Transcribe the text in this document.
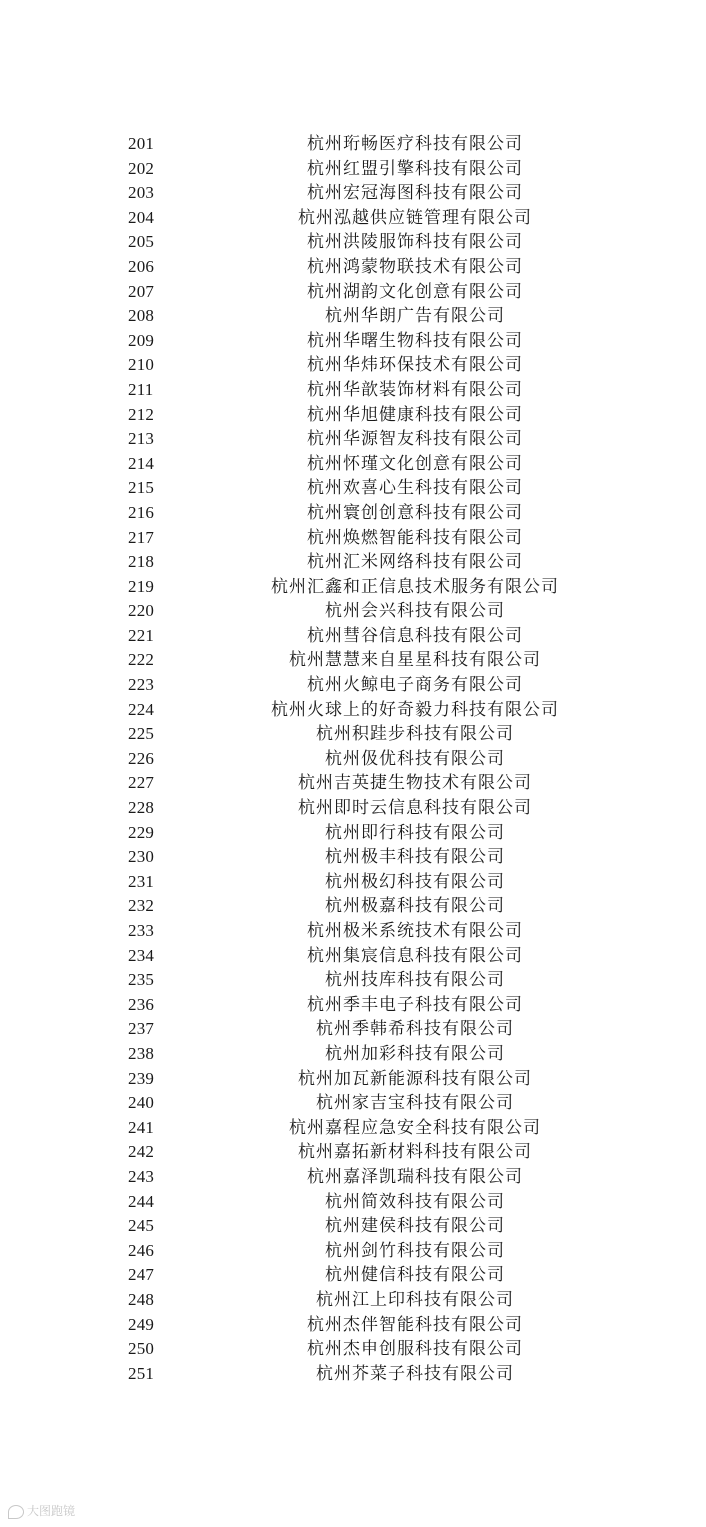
201	杭州珩畅医疗科技有限公司
202	杭州红盟引擎科技有限公司
203	杭州宏冠海图科技有限公司
204	杭州泓越供应链管理有限公司
205	杭州洪陵服饰科技有限公司
206	杭州鸿蒙物联技术有限公司
207	杭州湖韵文化创意有限公司
208	杭州华朗广告有限公司
209	杭州华曙生物科技有限公司
210	杭州华炜环保技术有限公司
211	杭州华歆装饰材料有限公司
212	杭州华旭健康科技有限公司
213	杭州华源智友科技有限公司
214	杭州怀瑾文化创意有限公司
215	杭州欢喜心生科技有限公司
216	杭州寰创创意科技有限公司
217	杭州焕燃智能科技有限公司
218	杭州汇米网络科技有限公司
219	杭州汇鑫和正信息技术服务有限公司
220	杭州会兴科技有限公司
221	杭州彗谷信息科技有限公司
222	杭州慧慧来自星星科技有限公司
223	杭州火鲸电子商务有限公司
224	杭州火球上的好奇毅力科技有限公司
225	杭州积跬步科技有限公司
226	杭州伋优科技有限公司
227	杭州吉英捷生物技术有限公司
228	杭州即时云信息科技有限公司
229	杭州即行科技有限公司
230	杭州极丰科技有限公司
231	杭州极幻科技有限公司
232	杭州极嘉科技有限公司
233	杭州极米系统技术有限公司
234	杭州集宸信息科技有限公司
235	杭州技库科技有限公司
236	杭州季丰电子科技有限公司
237	杭州季韩希科技有限公司
238	杭州加彩科技有限公司
239	杭州加瓦新能源科技有限公司
240	杭州家吉宝科技有限公司
241	杭州嘉程应急安全科技有限公司
242	杭州嘉拓新材料科技有限公司
243	杭州嘉泽凯瑞科技有限公司
244	杭州简效科技有限公司
245	杭州建侯科技有限公司
246	杭州剑竹科技有限公司
247	杭州健信科技有限公司
248	杭州江上印科技有限公司
249	杭州杰伴智能科技有限公司
250	杭州杰申创服科技有限公司
251	杭州芥菜子科技有限公司
大图跑镜
